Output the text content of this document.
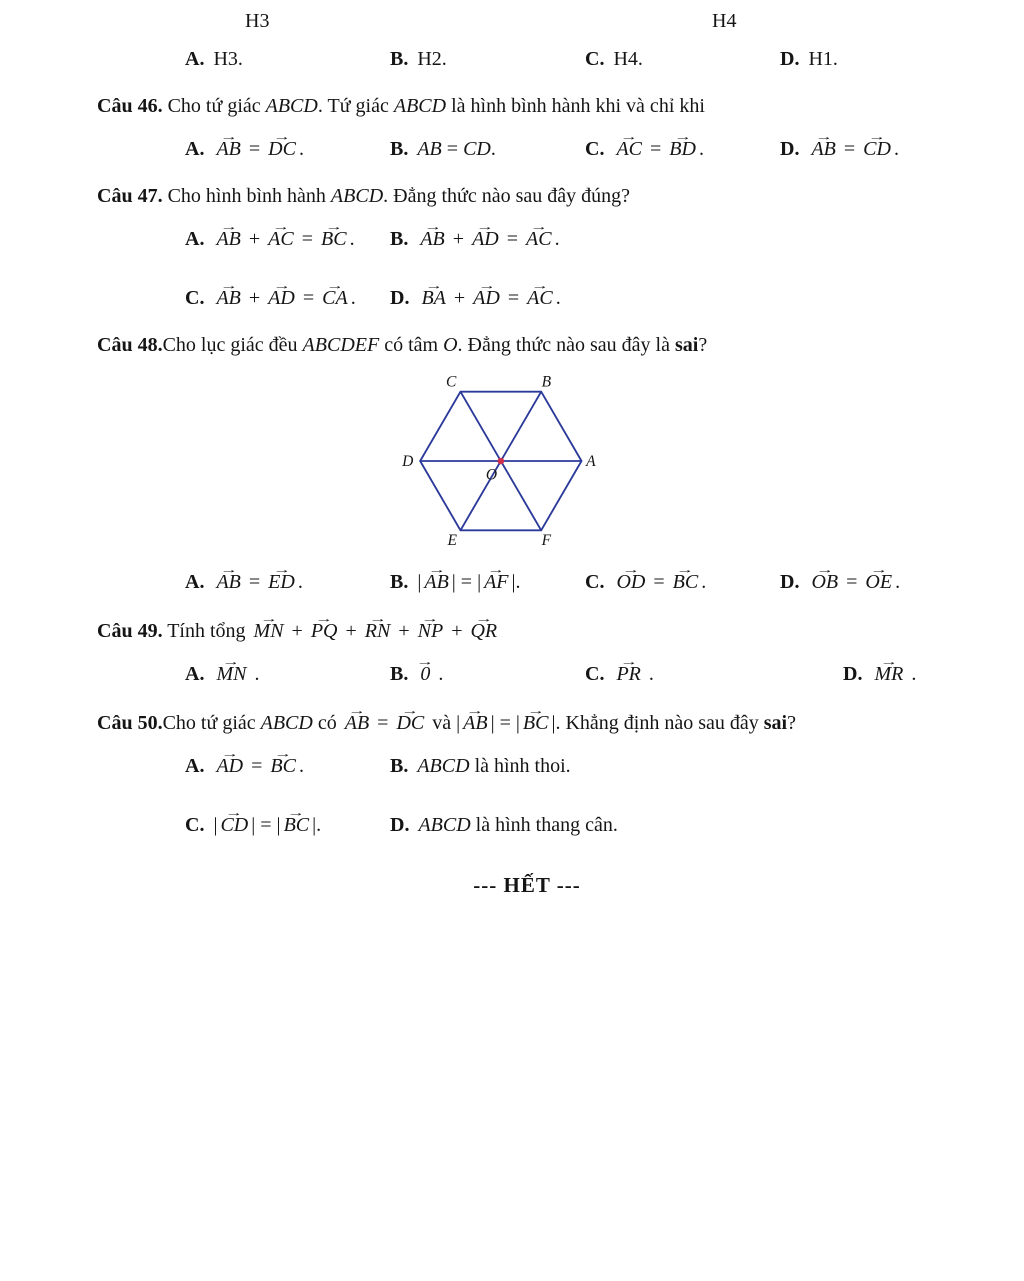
H3	H4
A. H3.	B. H2.	C. H4.	D. H1.
Câu 46. Cho tứ giác ABCD. Tứ giác ABCD là hình bình hành khi và chỉ khi
A. AB → = DC → .	B. AB = CD.	C. AC → = BD → .	D. AB → = CD → .
Câu 47. Cho hình bình hành ABCD. Đẳng thức nào sau đây đúng?
A. AB → + AC → = BC → .	B. AB → + AD → = AC → .
C. AB → + AD → = CA → .	D. BA → + AD → = AC → .
Câu 48.Cho lục giác đều ABCDEF có tâm O. Đẳng thức nào sau đây là sai?
C	B
D	A
E	F
O
A. AB → = ED → .	B. | AB → | = | AF → |.	C. OD → = BC → .	D. OB → = OE → .
Câu 49. Tính tổng MN → + PQ → + RN → + NP → + QR →
A. MN → .	B. 0 → .	C. PR → .	D. MR → .
Câu 50.Cho tứ giác ABCD có AB → = DC → và | AB → | = | BC → |. Khẳng định nào sau đây sai?
A. AD → = BC → .	B. ABCD là hình thoi.
C. | CD → | = | BC → |.	D. ABCD là hình thang cân.
--- HẾT ---
